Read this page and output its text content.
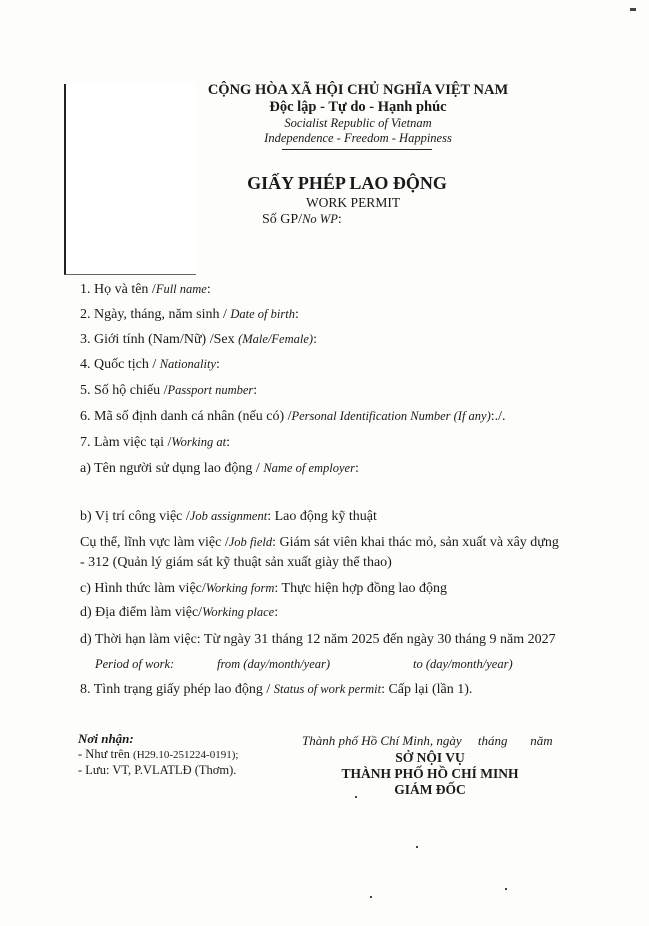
CỘNG HÒA XÃ HỘI CHỦ NGHĨA VIỆT NAM
Độc lập - Tự do - Hạnh phúc
Socialist Republic of Vietnam
Independence - Freedom - Happiness
GIẤY PHÉP LAO ĐỘNG
WORK PERMIT
Số GP/No WP:
1. Họ và tên /Full name:
2. Ngày, tháng, năm sinh / Date of birth:
3. Giới tính (Nam/Nữ) /Sex (Male/Female):
4. Quốc tịch / Nationality:
5. Số hộ chiếu /Passport number:
6. Mã số định danh cá nhân (nếu có) /Personal Identification Number (If any):./.
7. Làm việc tại /Working at:
a) Tên người sử dụng lao động / Name of employer:
b) Vị trí công việc /Job assignment: Lao động kỹ thuật
Cụ thể, lĩnh vực làm việc /Job field: Giám sát viên khai thác mỏ, sản xuất và xây dựng
- 312 (Quản lý giám sát kỹ thuật sản xuất giày thể thao)
c) Hình thức làm việc/Working form: Thực hiện hợp đồng lao động
d) Địa điểm làm việc/Working place:
d) Thời hạn làm việc: Từ ngày 31 tháng 12 năm 2025 đến ngày 30 tháng 9 năm 2027
Period of work:	from (day/month/year)	to (day/month/year)
8. Tình trạng giấy phép lao động / Status of work permit: Cấp lại (lần 1).
Nơi nhận:
- Như trên (H29.10-251224-0191);
- Lưu: VT, P.VLATLĐ (Thơm).
Thành phố Hồ Chí Minh, ngày     tháng       năm
SỞ NỘI VỤ
THÀNH PHỐ HỒ CHÍ MINH
GIÁM ĐỐC
